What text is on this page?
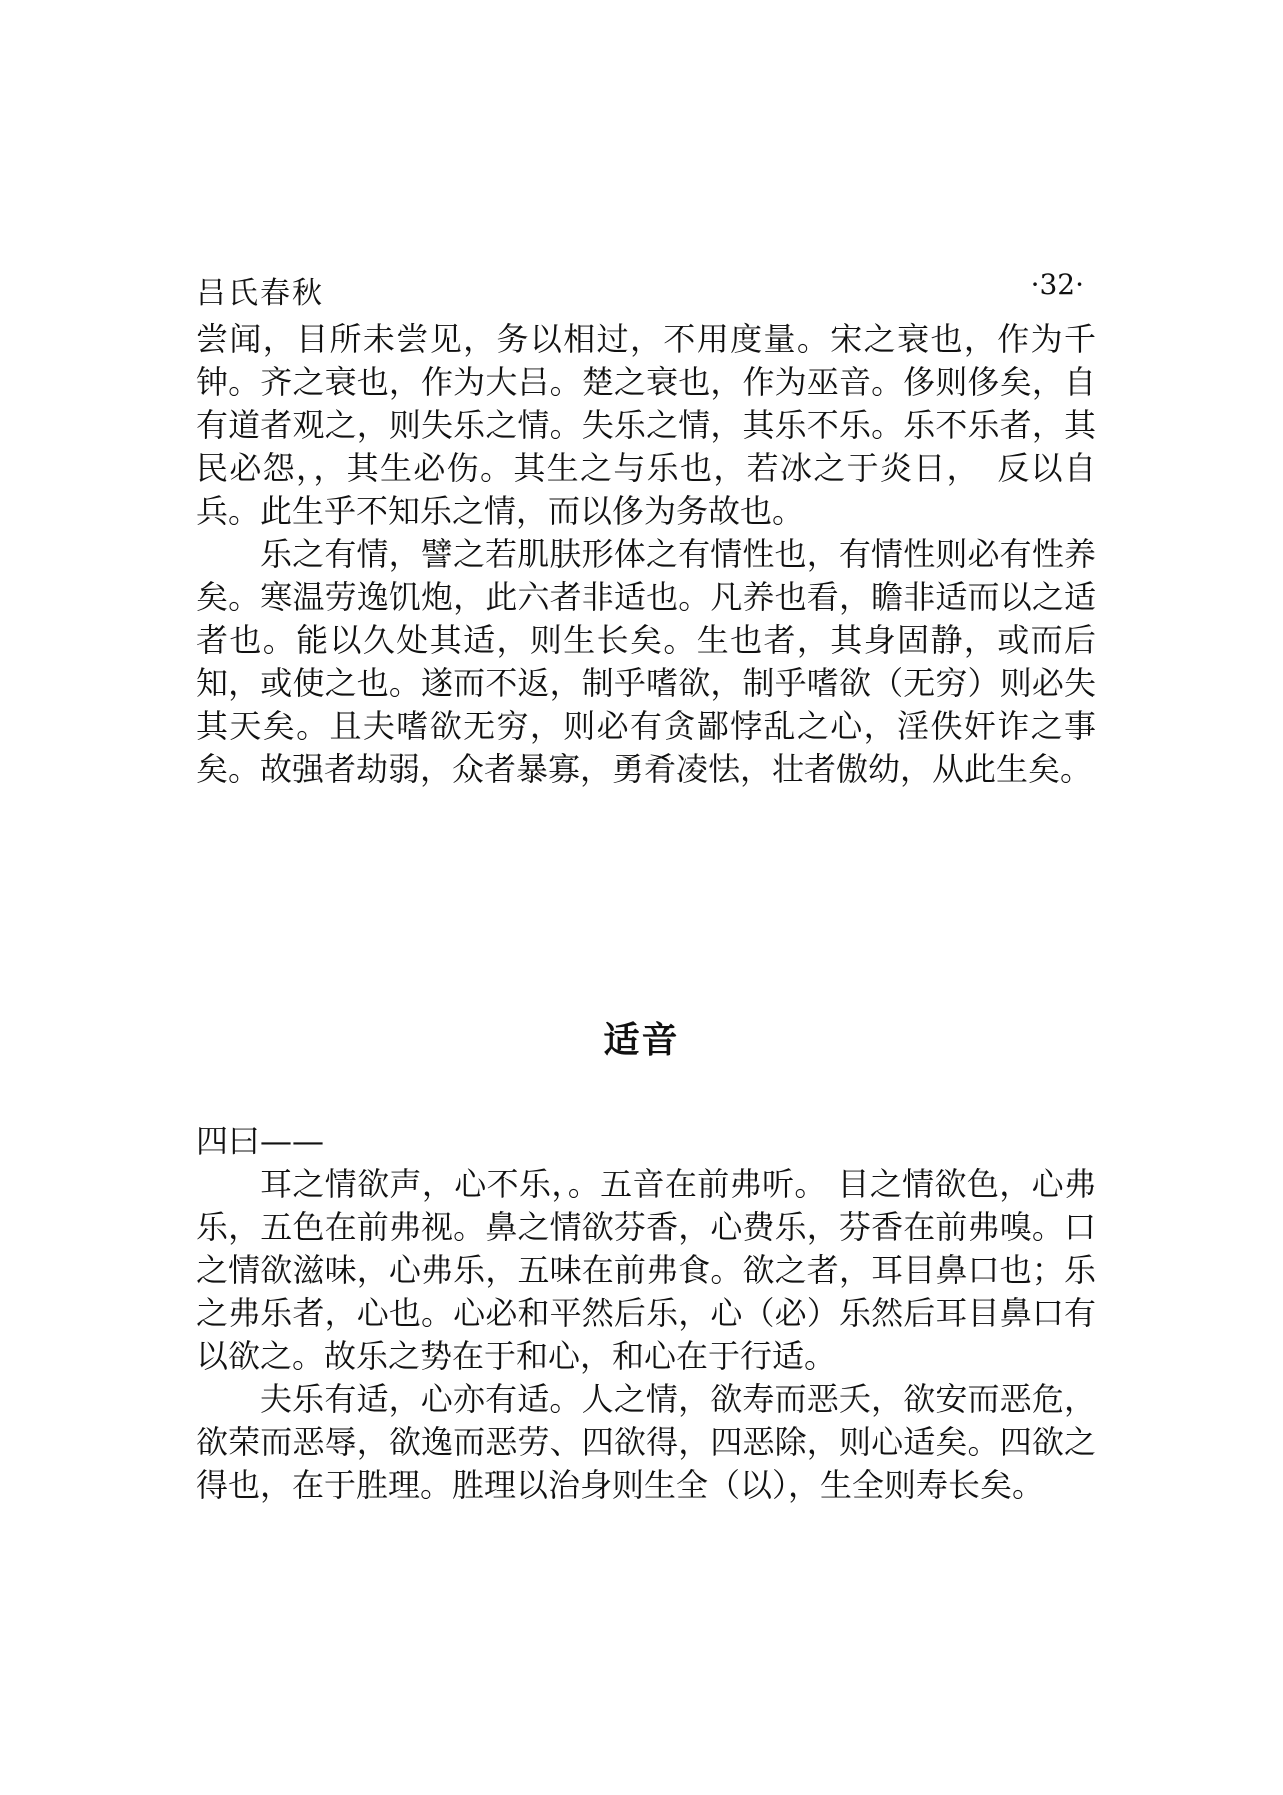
吕氏春秋	·32·

尝闻，目所未尝见，务以相过，不用度量。宋之衰也，作为千钟。齐之衰也，作为大吕。楚之衰也，作为巫音。侈则侈矣，自有道者观之，则失乐之情。失乐之情，其乐不乐。乐不乐者，其民必怨，，其生必伤。其生之与乐也，若冰之于炎日，　反以自兵。此生乎不知乐之情，而以侈为务故也。

乐之有情，譬之若肌肤形体之有情性也，有情性则必有性养矣。寒温劳逸饥炮，此六者非适也。凡养也看，瞻非适而以之适者也。能以久处其适，则生长矣。生也者，其身固静，或而后知，或使之也。遂而不返，制乎嗜欲，制乎嗜欲（无穷）则必失其天矣。且夫嗜欲无穷，则必有贪鄙悖乱之心，淫佚奸诈之事矣。故强者劫弱，众者暴寡，勇肴凌怯，壮者傲幼，从此生矣。

适音

四曰——

耳之情欲声，心不乐，。五音在前弗听。 目之情欲色，心弗乐，五色在前弗视。鼻之情欲芬香，心费乐，芬香在前弗嗅。口之情欲滋味，心弗乐，五味在前弗食。欲之者，耳目鼻口也；乐之弗乐者，心也。心必和平然后乐，心（必）乐然后耳目鼻口有以欲之。故乐之势在于和心，和心在于行适。

夫乐有适，心亦有适。人之情，欲寿而恶夭，欲安而恶危，欲荣而恶辱，欲逸而恶劳、四欲得，四恶除，则心适矣。四欲之得也，在于胜理。胜理以治身则生全（以），生全则寿长矣。
